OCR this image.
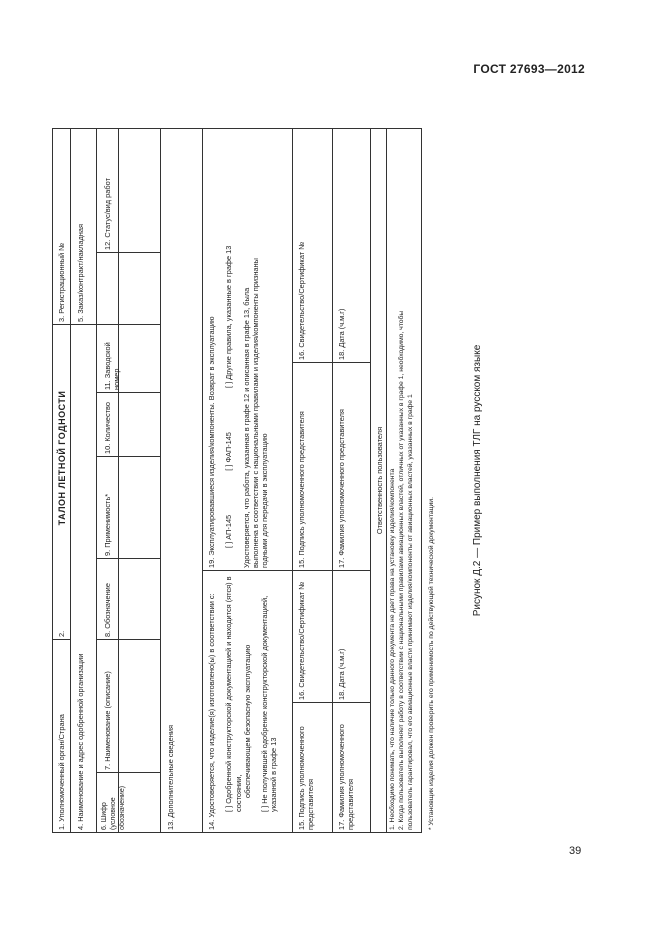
ГОСТ 27693—2012
1. Уполномоченный орган/Страна
2.
ТАЛОН ЛЕТНОЙ ГОДНОСТИ
3. Регистрационный №
4. Наименование и адрес одобренной организации
5. Заказ/контракт/накладная
6. Шифр (условное обозначение)
7. Наименование (описание)
8. Обозначение
9. Применимость*
10. Количество
11. Заводской номер
12. Статус/вид работ
13. Дополнительные сведения	14. Удостоверяется, что изделие(я) изготовлено(ы) в соответствии с: [ ] Одобренной конструкторской документацией и находится (ятся) в состоянии, обеспечивающем безопасную эксплуатацию [ ] Не получившей одобрение конструкторской документацией, указанной в графе 13
19. Эксплуатировавшиеся изделия/компоненты. Возврат в эксплуатацию [ ] АП-145  [ ] ФАП-145  [ ] Другие правила, указанные в графе 13 Удостоверяется, что работа, указанная в графе 12 и описанная в графе 13, была выполнена в соответствии с национальными правилами и изделия/компоненты признаны годными для передачи в эксплуатацию
15. Подпись уполномоченного представителя
16. Свидетельство/Сертификат №
15. Подпись уполномоченного представителя
16. Свидетельство/Сертификат №
17. Фамилия уполномоченного представителя
18. Дата (ч.м.г)
17. Фамилия уполномоченного представителя
18. Дата (ч.м.г)
Ответственность пользователя 1. Необходимо понимать, что наличие только данного документа не дает права на установку изделия/компонента 2. Когда пользователь выполняет работу в соответствии с национальными правилами авиационных властей, отличных от указанных в графе 1, необходимо, чтобы пользователь гарантировал, что его авиационные власти принимают изделия/компоненты от авиационных властей, указанных в графе 1 * Установщик изделия должен проверить его применимость по действующей технической документации.
Рисунок Д.2 — Пример выполнения ТЛГ на русском языке
39
